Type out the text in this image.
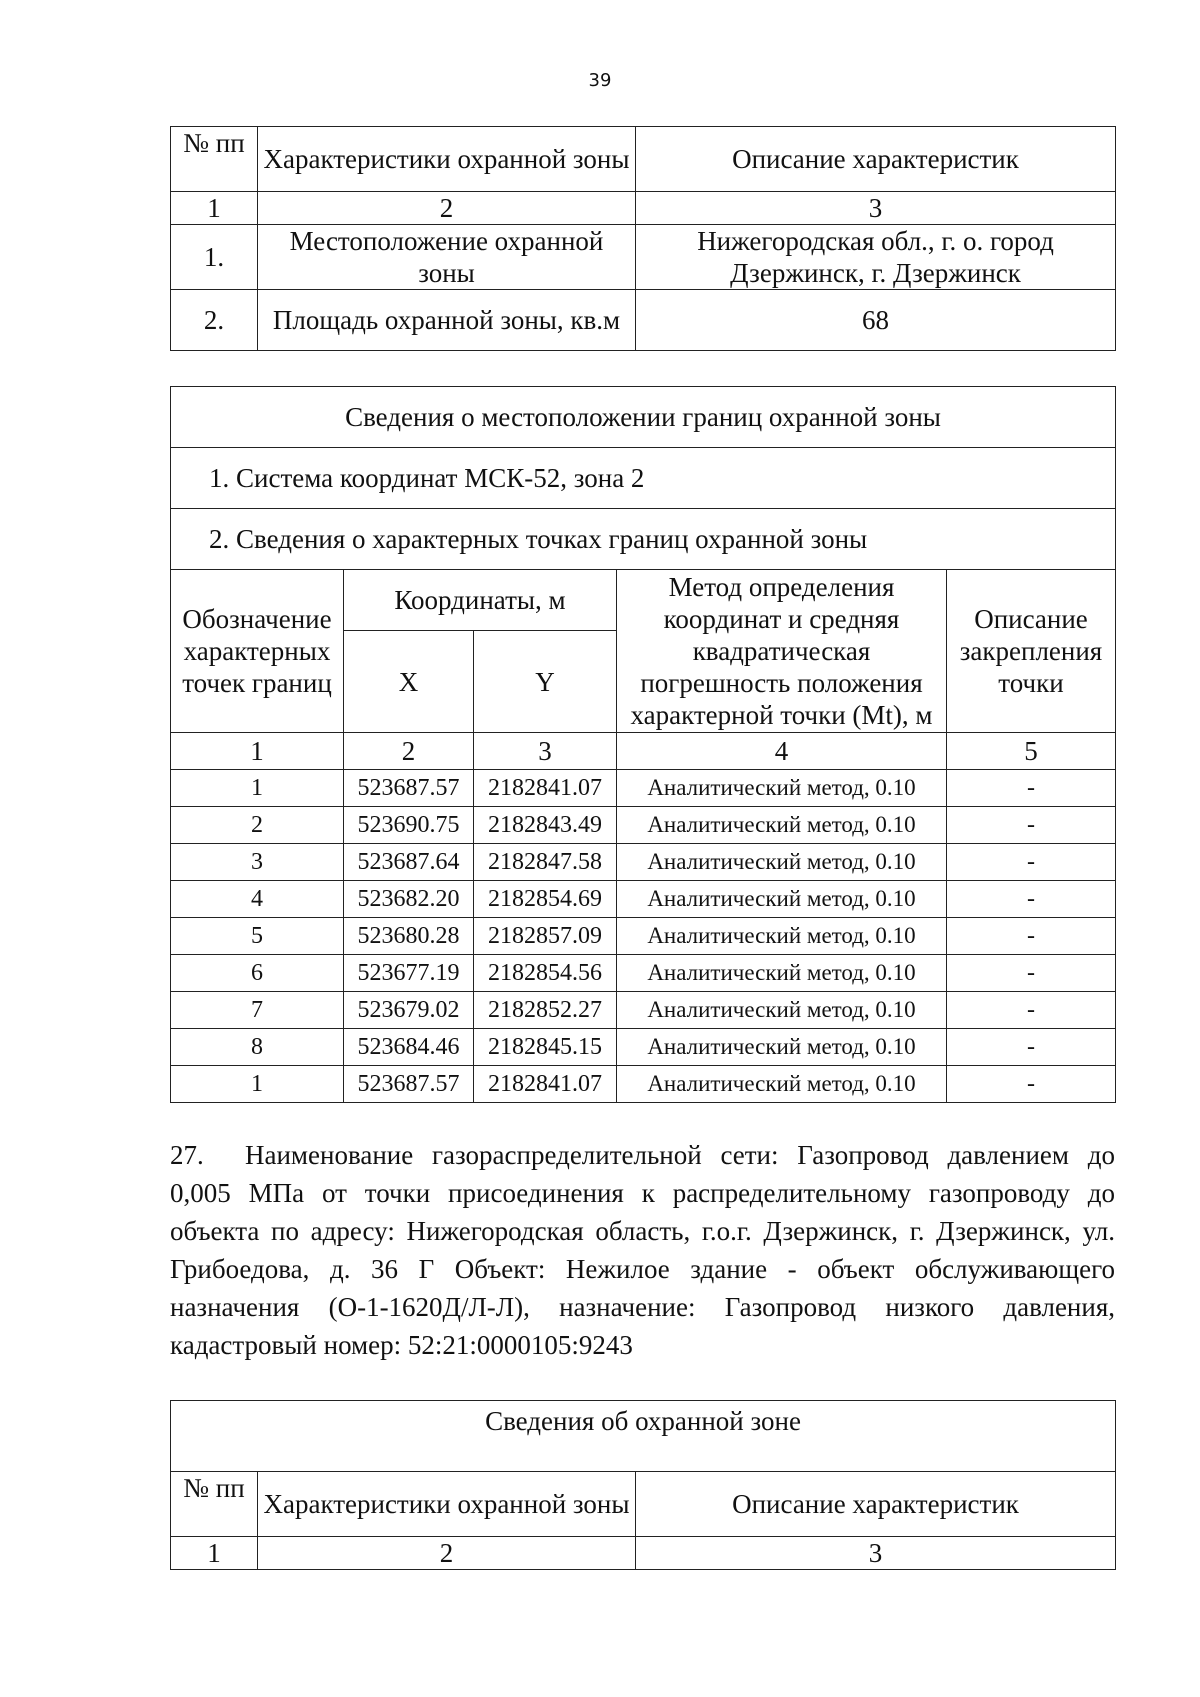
39
№ пп	Характеристики охранной зоны	Описание характеристик
1	2	3
1.	Местоположение охранной зоны	Нижегородская обл., г. о. город Дзержинск, г. Дзержинск
2.	Площадь охранной зоны, кв.м	68
Сведения о местоположении границ охранной зоны				
1. Система координат МСК-52, зона 2				
2. Сведения о характерных точках границ охранной зоны				
Обозначение характерных точек границ	Координаты, м		Метод определения координат и средняя квадратическая погрешность положения характерной точки (Mt), м	Описание закрепления точки
	X	Y		
1	2	3	4	5
1	523687.57	2182841.07	Аналитический метод, 0.10	-
2	523690.75	2182843.49	Аналитический метод, 0.10	-
3	523687.64	2182847.58	Аналитический метод, 0.10	-
4	523682.20	2182854.69	Аналитический метод, 0.10	-
5	523680.28	2182857.09	Аналитический метод, 0.10	-
6	523677.19	2182854.56	Аналитический метод, 0.10	-
7	523679.02	2182852.27	Аналитический метод, 0.10	-
8	523684.46	2182845.15	Аналитический метод, 0.10	-
1	523687.57	2182841.07	Аналитический метод, 0.10	-

27. Наименование газораспределительной сети: Газопровод давлением до 0,005 МПа от точки присоединения к распределительному газопроводу до объекта по адресу: Нижегородская область, г.о.г. Дзержинск, г. Дзержинск, ул. Грибоедова, д. 36 Г Объект: Нежилое здание - объект обслуживающего назначения (О-1-1620Д/Л-Л), назначение: Газопровод низкого давления, кадастровый номер: 52:21:0000105:9243

Сведения об охранной зоне		
№ пп	Характеристики охранной зоны	Описание характеристик
1	2	3
